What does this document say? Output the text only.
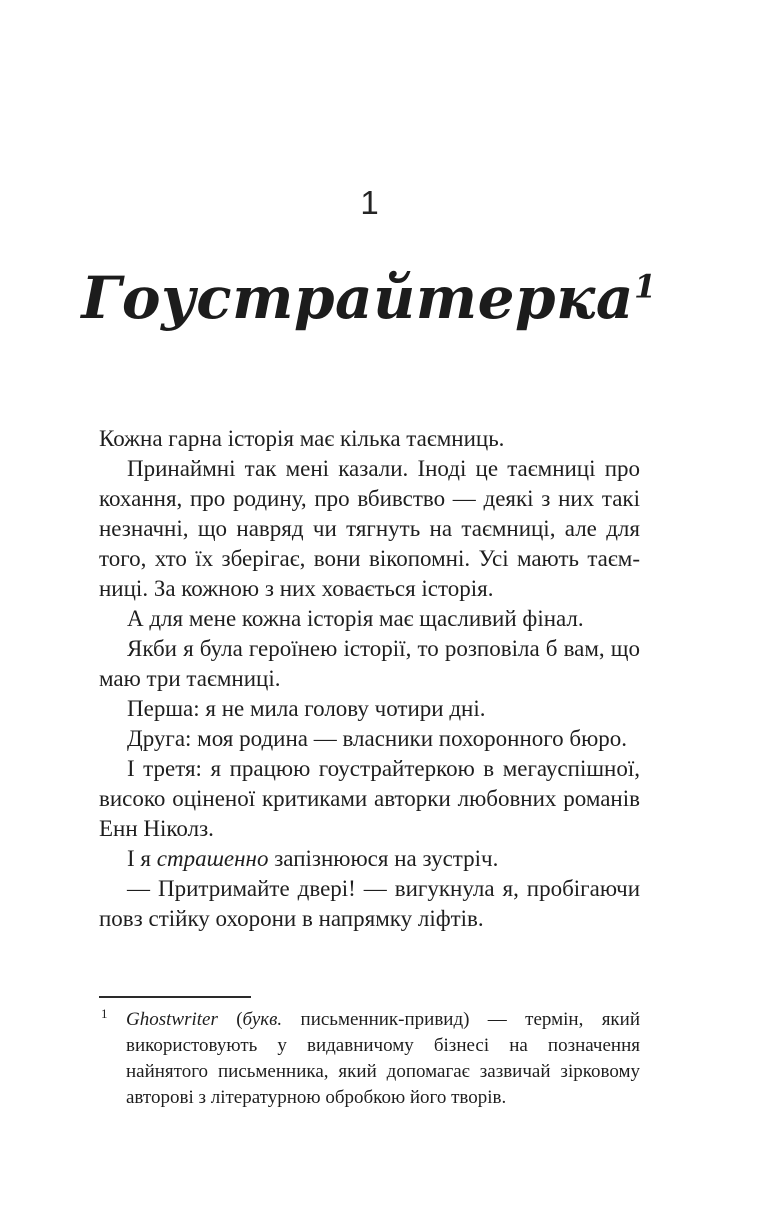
1
Гоустрайтерка$^1$

Кожна гарна історія має кілька таємниць.

Принаймні так мені казали. Іноді це таємниці про кохання, про родину, про вбивство — деякі з них такі незначні, що навряд чи тягнуть на таємниці, але для того, хто їх зберігає, вони вікопомні. Усі мають таємниці. За кожною з них ховається історія.

А для мене кожна історія має щасливий фінал.

Якби я була героїнею історії, то розповіла б вам, що маю три таємниці.

Перша: я не мила голову чотири дні.

Друга: моя родина — власники похоронного бюро.

І третя: я працюю гоустрайтеркою в мегауспішної, високо оціненої критиками авторки любовних романів Енн Ніколз.

І я страшенно запізнююся на зустріч.

— Притримайте двері! — вигукнула я, пробігаючи повз стійку охорони в напрямку ліфтів.

1 Ghostwriter (букв. письменник-привид) — термін, який використовують у видавничому бізнесі на позначення найнятого письменника, який допомагає зазвичай зірковому авторові з літературною обробкою його творів.
